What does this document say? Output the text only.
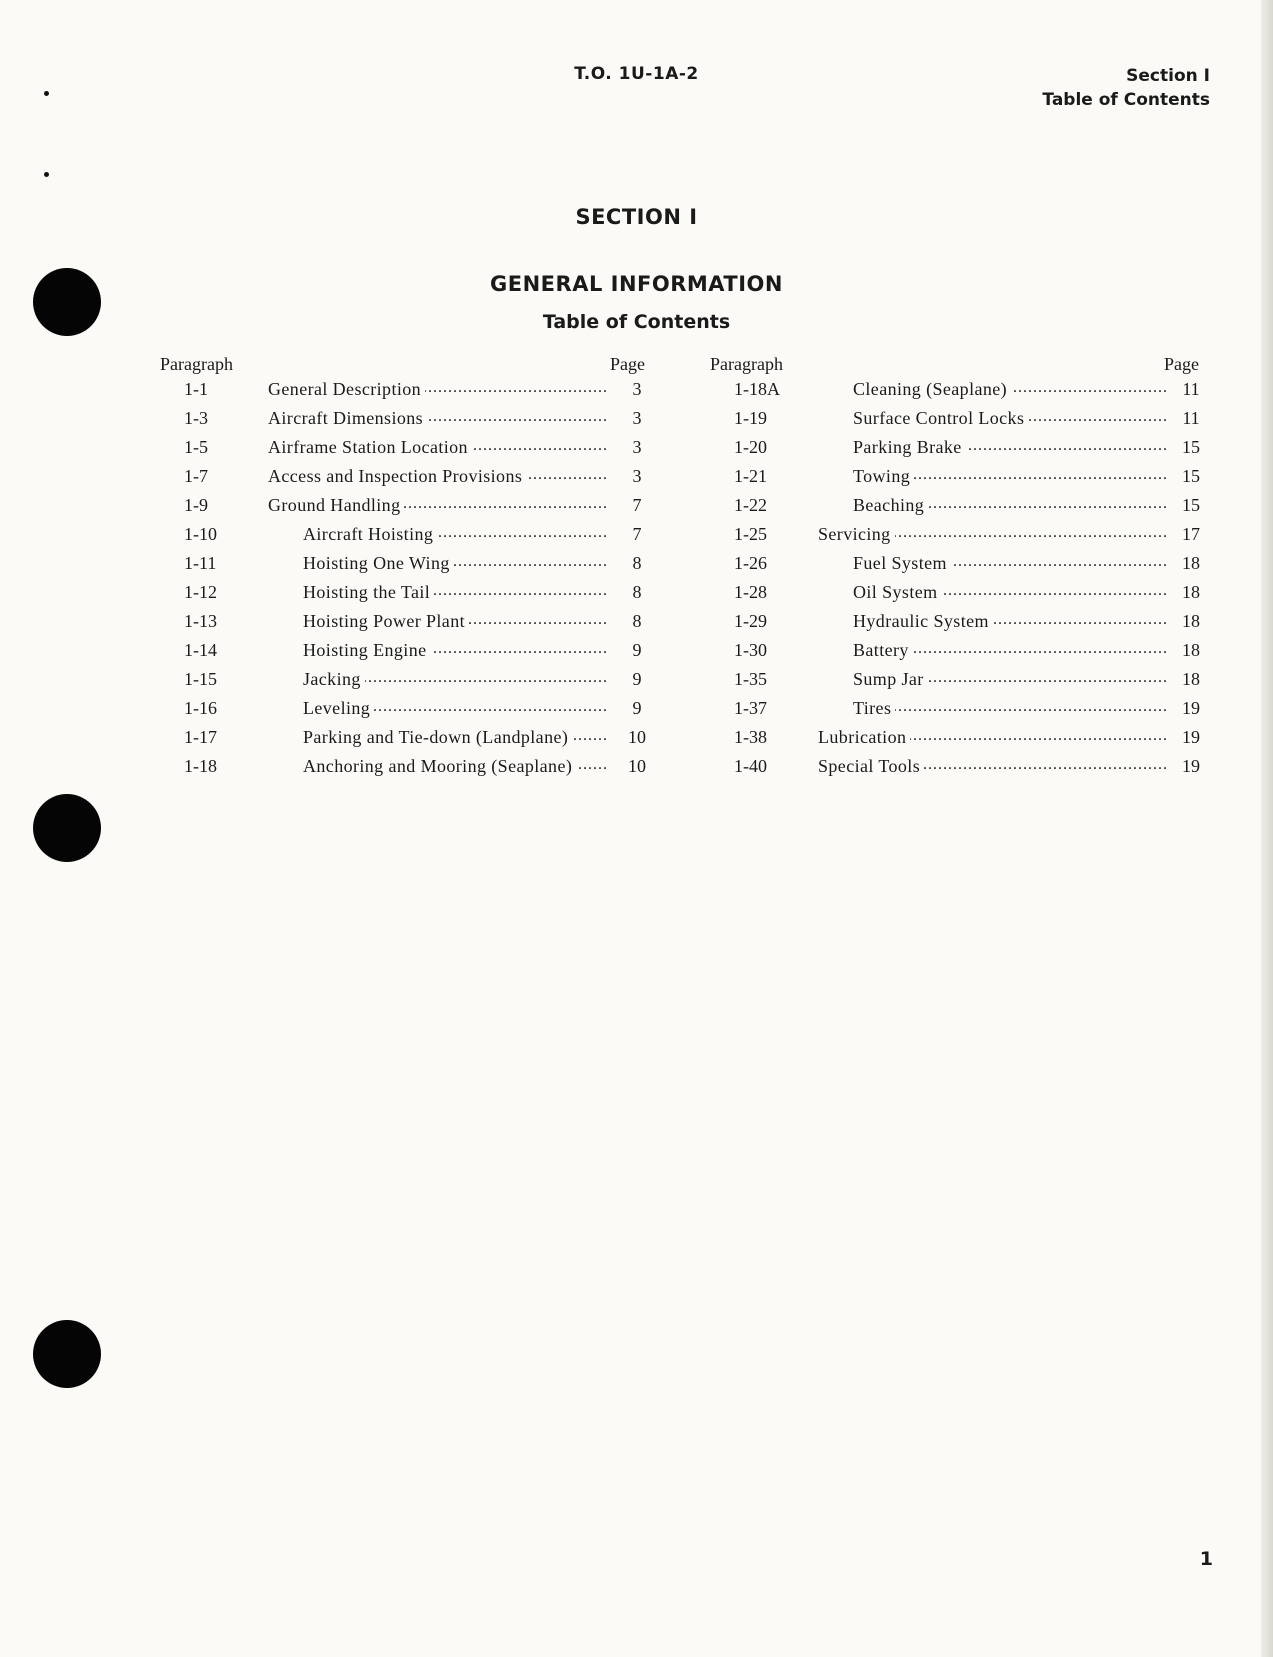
T.O. 1U-1A-2	Section I
Table of Contents
SECTION I
GENERAL INFORMATION
Table of Contents
Paragraph	Page
1-1	General Description .....	3
1-3	Aircraft Dimensions .....	3
1-5	Airframe Station Location .....	3
1-7	Access and Inspection Provisions .....	3
1-9	Ground Handling .....	7
1-10	Aircraft Hoisting .....	7
1-11	Hoisting One Wing .....	8
1-12	Hoisting the Tail .....	8
1-13	Hoisting Power Plant .....	8
1-14	Hoisting Engine .....	9
1-15	Jacking .....	9
1-16	Leveling .....	9
1-17	Parking and Tie-down (Landplane) .....	10
1-18	Anchoring and Mooring (Seaplane) .....	10
Paragraph	Page
1-18A	Cleaning (Seaplane) .....	11
1-19	Surface Control Locks .....	11
1-20	Parking Brake .....	15
1-21	Towing .....	15
1-22	Beaching .....	15
1-25	Servicing .....	17
1-26	Fuel System .....	18
1-28	Oil System .....	18
1-29	Hydraulic System .....	18
1-30	Battery .....	18
1-35	Sump Jar .....	18
1-37	Tires .....	19
1-38	Lubrication .....	19
1-40	Special Tools .....	19
1
